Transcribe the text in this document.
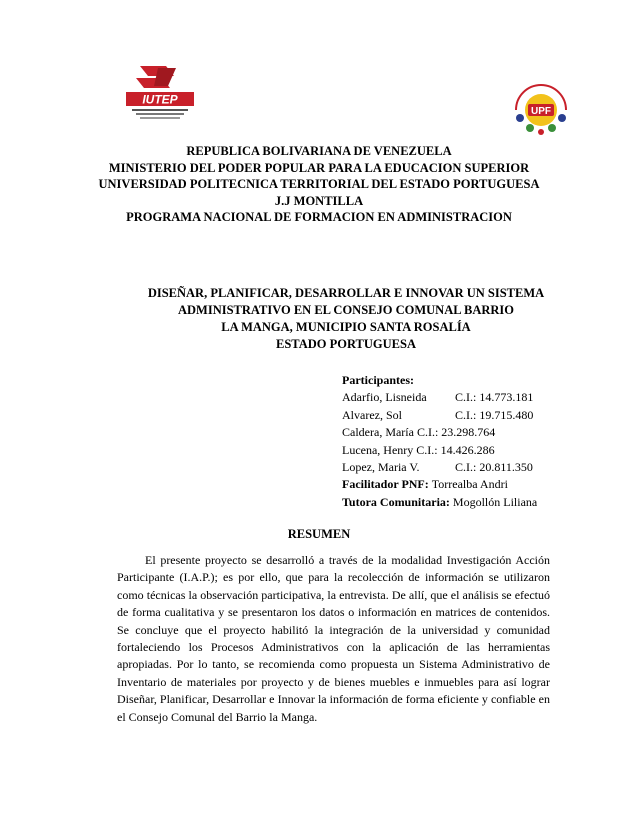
IUTEP
UPF
REPUBLICA BOLIVARIANA DE VENEZUELA
MINISTERIO DEL PODER POPULAR PARA LA EDUCACION SUPERIOR
UNIVERSIDAD POLITECNICA TERRITORIAL DEL ESTADO PORTUGUESA
J.J MONTILLA
PROGRAMA NACIONAL DE FORMACION EN ADMINISTRACION
DISEÑAR, PLANIFICAR, DESARROLLAR E INNOVAR UN SISTEMA
ADMINISTRATIVO EN EL CONSEJO COMUNAL BARRIO
LA MANGA, MUNICIPIO SANTA ROSALÍA
ESTADO PORTUGUESA
Participantes:
Adarfio, Lisneida	C.I.: 14.773.181
Alvarez, Sol	C.I.: 19.715.480
Caldera, María C.I.: 23.298.764
Lucena, Henry C.I.: 14.426.286
Lopez, Maria V.	C.I.: 20.811.350
Facilitador PNF:
Torrealba Andri
Tutora Comunitaria:
Mogollón Liliana
RESUMEN

El presente proyecto se desarrolló a través de la modalidad Investigación Acción Participante (I.A.P.); es por ello, que para la recolección de información se utilizaron como técnicas la observación participativa, la entrevista. De allí, que el análisis se efectuó de forma cualitativa y se presentaron los datos o información en matrices de contenidos. Se concluye que el proyecto habilitó la integración de la universidad y comunidad fortaleciendo los Procesos Administrativos con la aplicación de las herramientas apropiadas. Por lo tanto, se recomienda como propuesta un Sistema Administrativo de Inventario de materiales por proyecto y de bienes muebles e inmuebles para así lograr Diseñar, Planificar, Desarrollar e Innovar la información de forma eficiente y confiable en el Consejo Comunal del Barrio la Manga.
